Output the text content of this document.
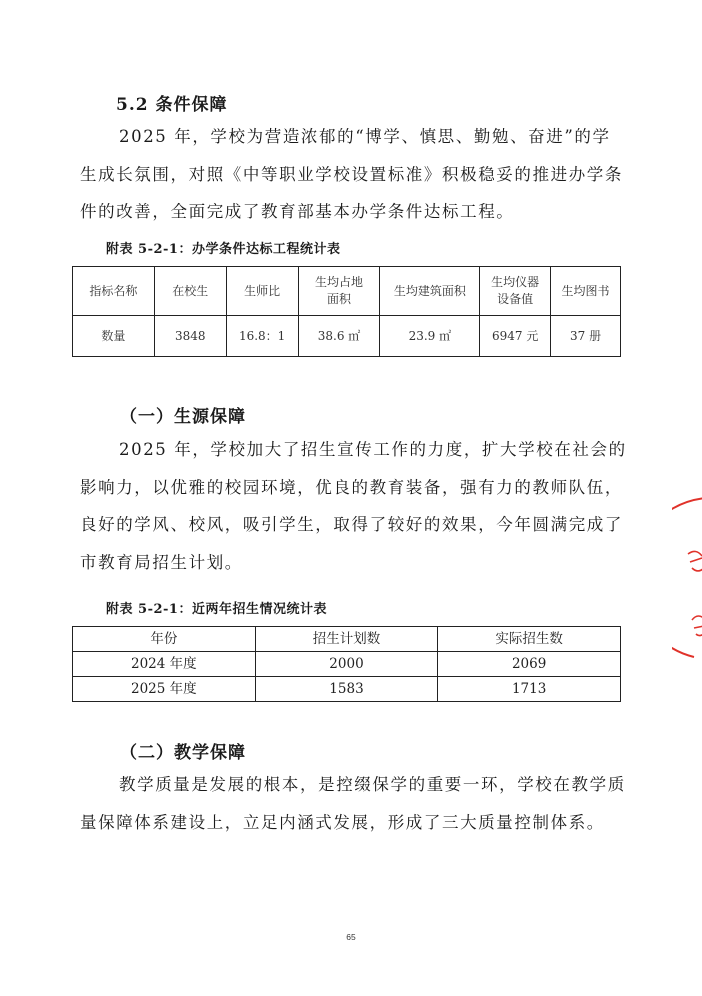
5.2 条件保障
2025 年，学校为营造浓郁的“博学、慎思、勤勉、奋进”的学生成长氛围，对照《中等职业学校设置标准》积极稳妥的推进办学条件的改善，全面完成了教育部基本办学条件达标工程。
附表 5-2-1：办学条件达标工程统计表
指标名称	在校生	生师比	生均占地面积	生均建筑面积	生均仪器设备值	生均图书
数量	3848	16.8：1	38.6 ㎡	23.9 ㎡	6947 元	37 册
（一）生源保障
2025 年，学校加大了招生宣传工作的力度，扩大学校在社会的影响力，以优雅的校园环境，优良的教育装备，强有力的教师队伍，良好的学风、校风，吸引学生，取得了较好的效果，今年圆满完成了市教育局招生计划。
附表 5-2-1：近两年招生情况统计表
年份	招生计划数	实际招生数
2024 年度	2000	2069
2025 年度	1583	1713
（二）教学保障
教学质量是发展的根本，是控缀保学的重要一环，学校在教学质量保障体系建设上，立足内涵式发展，形成了三大质量控制体系。
65
